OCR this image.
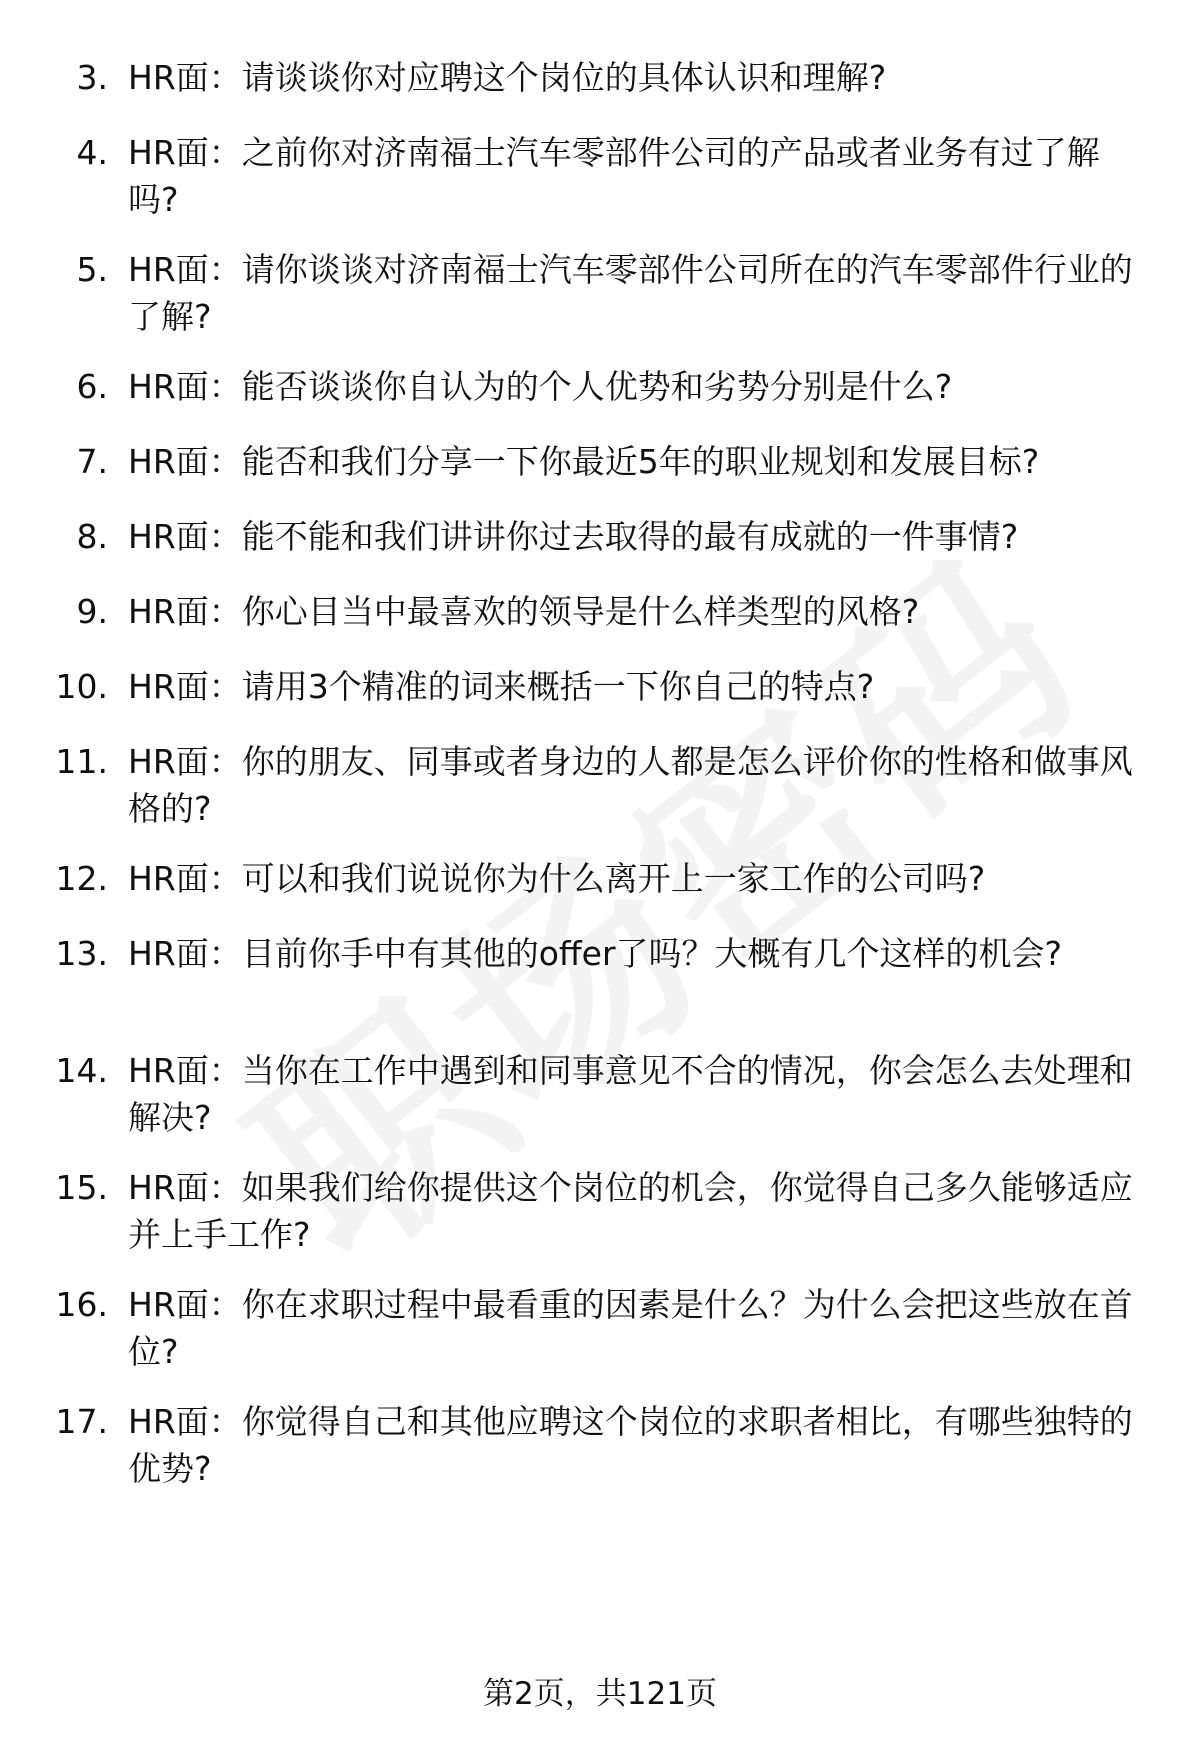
3. HR面：请谈谈你对应聘这个岗位的具体认识和理解?
4. HR面：之前你对济南福士汽车零部件公司的产品或者业务有过了解吗?
5. HR面：请你谈谈对济南福士汽车零部件公司所在的汽车零部件行业的了解?
6. HR面：能否谈谈你自认为的个人优势和劣势分别是什么?
7. HR面：能否和我们分享一下你最近5年的职业规划和发展目标?
8. HR面：能不能和我们讲讲你过去取得的最有成就的一件事情?
9. HR面：你心目当中最喜欢的领导是什么样类型的风格?
10. HR面：请用3个精准的词来概括一下你自己的特点?
11. HR面：你的朋友、同事或者身边的人都是怎么评价你的性格和做事风格的?
12. HR面：可以和我们说说你为什么离开上一家工作的公司吗?
13. HR面：目前你手中有其他的offer了吗？大概有几个这样的机会?
14. HR面：当你在工作中遇到和同事意见不合的情况，你会怎么去处理和解决?
15. HR面：如果我们给你提供这个岗位的机会，你觉得自己多久能够适应并上手工作?
16. HR面：你在求职过程中最看重的因素是什么？为什么会把这些放在首位?
17. HR面：你觉得自己和其他应聘这个岗位的求职者相比，有哪些独特的优势?
第2页，共121页
